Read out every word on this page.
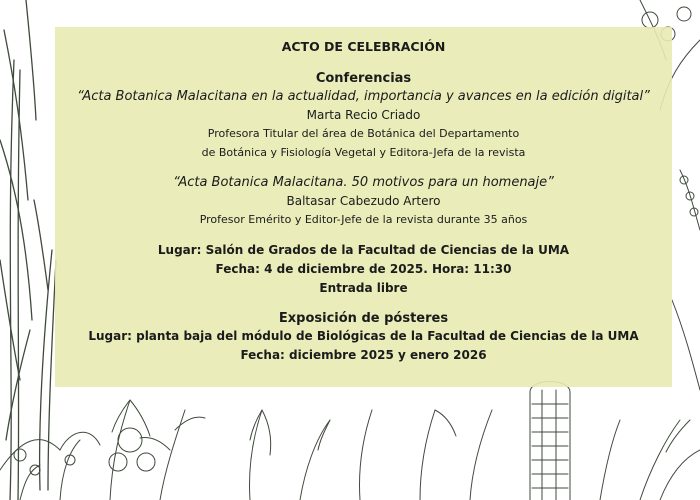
ACTO DE CELEBRACIÓN
Conferencias
“Acta Botanica Malacitana en la actualidad, importancia y avances en la edición digital”
Marta Recio Criado
Profesora Titular del área de Botánica del Departamento
de Botánica y Fisiología Vegetal y Editora-Jefa de la revista
“Acta Botanica Malacitana. 50 motivos para un homenaje”
Baltasar Cabezudo Artero
Profesor Emérito y Editor-Jefe de la revista durante 35 años
Lugar: Salón de Grados de la Facultad de Ciencias de la UMA
Fecha: 4 de diciembre de 2025. Hora: 11:30
Entrada libre
Exposición de pósteres
Lugar: planta baja del módulo de Biológicas de la Facultad de Ciencias de la UMA
Fecha: diciembre 2025 y enero 2026
